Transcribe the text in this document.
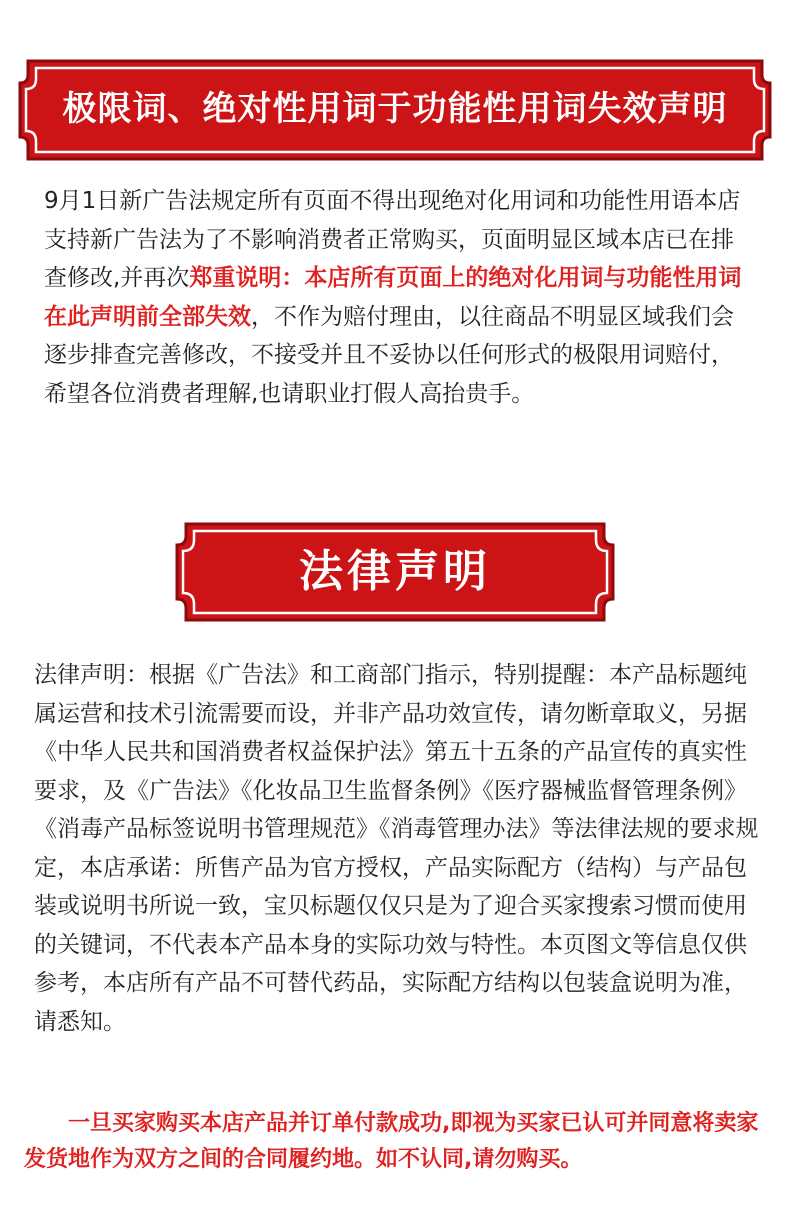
极限词、绝对性用词于功能性用词失效声明

9月1日新广告法规定所有页面不得出现绝对化用词和功能性用语本店支持新广告法为了不影响消费者正常购买，页面明显区域本店已在排查修改,并再次郑重说明：本店所有页面上的绝对化用词与功能性用词在此声明前全部失效，不作为赔付理由，以往商品不明显区域我们会逐步排查完善修改，不接受并且不妥协以任何形式的极限用词赔付，希望各位消费者理解,也请职业打假人高抬贵手。

法律声明

法律声明：根据《广告法》和工商部门指示，特别提醒：本产品标题纯属运营和技术引流需要而设，并非产品功效宣传，请勿断章取义，另据《中华人民共和国消费者权益保护法》第五十五条的产品宣传的真实性要求，及《广告法》《化妆品卫生监督条例》《医疗器械监督管理条例》《消毒产品标签说明书管理规范》《消毒管理办法》等法律法规的要求规定，本店承诺：所售产品为官方授权，产品实际配方（结构）与产品包装或说明书所说一致，宝贝标题仅仅只是为了迎合买家搜索习惯而使用的关键词，不代表本产品本身的实际功效与特性。本页图文等信息仅供参考，本店所有产品不可替代药品，实际配方结构以包装盒说明为准，请悉知。

一旦买家购买本店产品并订单付款成功,即视为买家已认可并同意将卖家发货地作为双方之间的合同履约地。如不认同,请勿购买。
